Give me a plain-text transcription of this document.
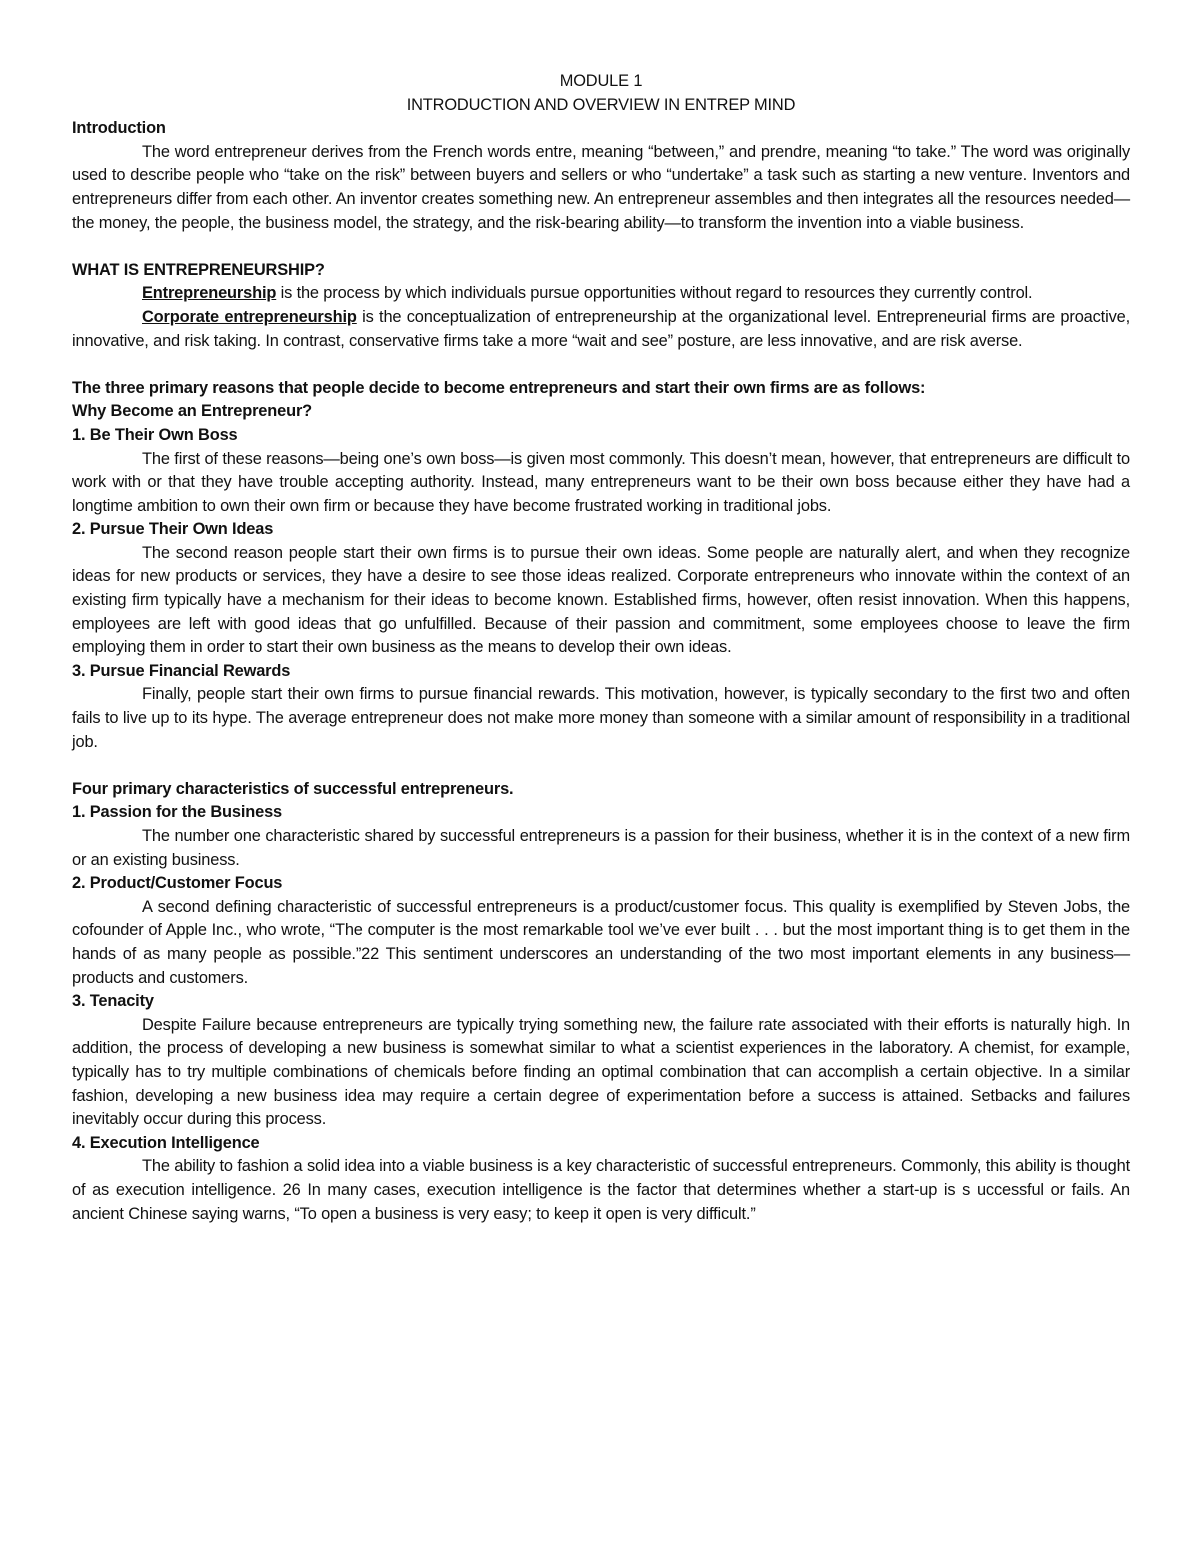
MODULE 1

INTRODUCTION AND OVERVIEW IN ENTREP MIND

Introduction

The word entrepreneur derives from the French words entre, meaning “between,” and prendre, meaning “to take.” The word was originally used to describe people who “take on the risk” between buyers and sellers or who “undertake” a task such as starting a new venture. Inventors and entrepreneurs differ from each other. An inventor creates something new. An entrepreneur assembles and then integrates all the resources needed—the money, the people, the business model, the strategy, and the risk-bearing ability—to transform the invention into a viable business.

WHAT IS ENTREPRENEURSHIP?

Entrepreneurship is the process by which individuals pursue opportunities without regard to resources they currently control.

Corporate entrepreneurship is the conceptualization of entrepreneurship at the organizational level. Entrepreneurial firms are proactive, innovative, and risk taking. In contrast, conservative firms take a more “wait and see” posture, are less innovative, and are risk averse.

The three primary reasons that people decide to become entrepreneurs and start their own firms are as follows:

Why Become an Entrepreneur?

1. Be Their Own Boss

The first of these reasons—being one’s own boss—is given most commonly. This doesn’t mean, however, that entrepreneurs are difficult to work with or that they have trouble accepting authority. Instead, many entrepreneurs want to be their own boss because either they have had a longtime ambition to own their own firm or because they have become frustrated working in traditional jobs.

2. Pursue Their Own Ideas

The second reason people start their own firms is to pursue their own ideas. Some people are naturally alert, and when they recognize ideas for new products or services, they have a desire to see those ideas realized. Corporate entrepreneurs who innovate within the context of an existing firm typically have a mechanism for their ideas to become known. Established firms, however, often resist innovation. When this happens, employees are left with good ideas that go unfulfilled. Because of their passion and commitment, some employees choose to leave the firm employing them in order to start their own business as the means to develop their own ideas.

3. Pursue Financial Rewards

Finally, people start their own firms to pursue financial rewards. This motivation, however, is typically secondary to the first two and often fails to live up to its hype. The average entrepreneur does not make more money than someone with a similar amount of responsibility in a traditional job.

Four primary characteristics of successful entrepreneurs.

1. Passion for the Business

The number one characteristic shared by successful entrepreneurs is a passion for their business, whether it is in the context of a new firm or an existing business.

2. Product/Customer Focus

A second defining characteristic of successful entrepreneurs is a product/customer focus. This quality is exemplified by Steven Jobs, the cofounder of Apple Inc., who wrote, “The computer is the most remarkable tool we’ve ever built . . . but the most important thing is to get them in the hands of as many people as possible.”22 This sentiment underscores an understanding of the two most important elements in any business—products and customers.

3. Tenacity

Despite Failure because entrepreneurs are typically trying something new, the failure rate associated with their efforts is naturally high. In addition, the process of developing a new business is somewhat similar to what a scientist experiences in the laboratory. A chemist, for example, typically has to try multiple combinations of chemicals before finding an optimal combination that can accomplish a certain objective. In a similar fashion, developing a new business idea may require a certain degree of experimentation before a success is attained. Setbacks and failures inevitably occur during this process.

4. Execution Intelligence

The ability to fashion a solid idea into a viable business is a key characteristic of successful entrepreneurs. Commonly, this ability is thought of as execution intelligence. 26 In many cases, execution intelligence is the factor that determines whether a start-up is s uccessful or fails. An ancient Chinese saying warns, “To open a business is very easy; to keep it open is very difficult.”
